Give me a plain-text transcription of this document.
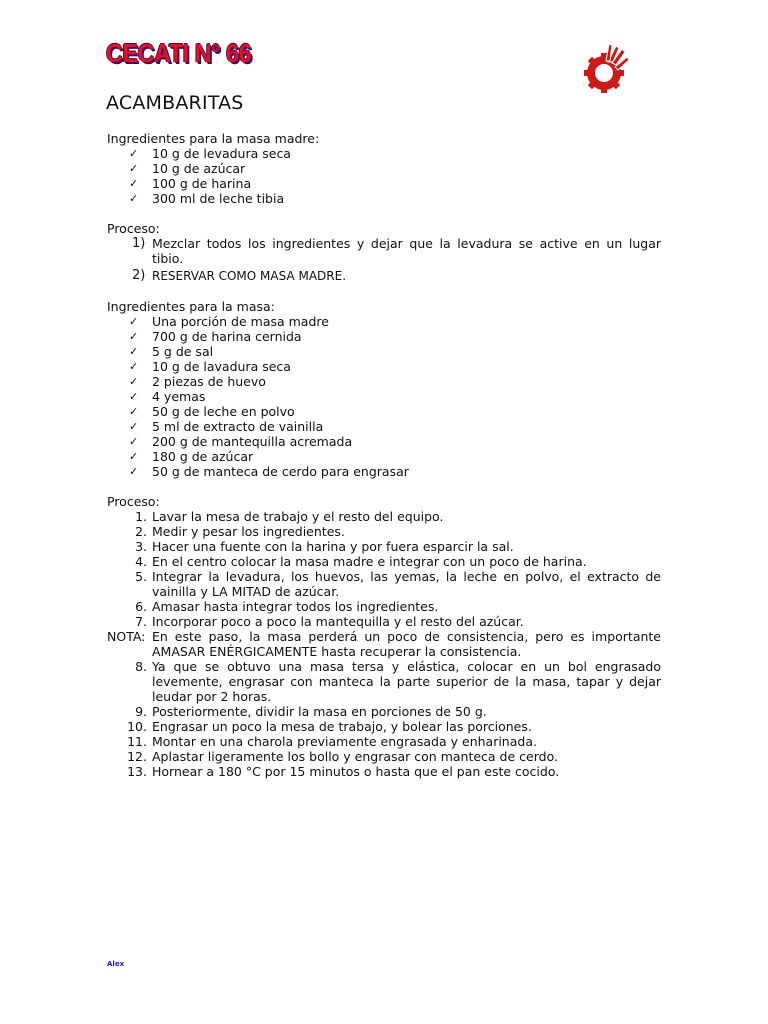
CECATI N° 66
ACAMBARITAS
Ingredientes para la masa madre:
✓ 10 g de levadura seca
✓ 10 g de azúcar
✓ 100 g de harina
✓ 300 ml de leche tibia
Proceso:
1) Mezclar todos los ingredientes y dejar que la levadura se active en un lugar tibio.
2) RESERVAR COMO MASA MADRE.
Ingredientes para la masa:
✓ Una porción de masa madre
✓ 700 g de harina cernida
✓ 5 g de sal
✓ 10 g de lavadura seca
✓ 2 piezas de huevo
✓ 4 yemas
✓ 50 g de leche en polvo
✓ 5 ml de extracto de vainilla
✓ 200 g de mantequilla acremada
✓ 180 g de azúcar
✓ 50 g de manteca de cerdo para engrasar
Proceso:
1. Lavar la mesa de trabajo y el resto del equipo.
2. Medir y pesar los ingredientes.
3. Hacer una fuente con la harina y por fuera esparcir la sal.
4. En el centro colocar la masa madre e integrar con un poco de harina.
5. Integrar la levadura, los huevos, las yemas, la leche en polvo, el extracto de vainilla y LA MITAD de azúcar.
6. Amasar hasta integrar todos los ingredientes.
7. Incorporar poco a poco la mantequilla y el resto del azúcar.
NOTA: En este paso, la masa perderá un poco de consistencia, pero es importante AMASAR ENÉRGICAMENTE hasta recuperar la consistencia.
8. Ya que se obtuvo una masa tersa y elástica, colocar en un bol engrasado levemente, engrasar con manteca la parte superior de la masa, tapar y dejar leudar por 2 horas.
9. Posteriormente, dividir la masa en porciones de 50 g.
10. Engrasar un poco la mesa de trabajo, y bolear las porciones.
11. Montar en una charola previamente engrasada y enharinada.
12. Aplastar ligeramente los bollo y engrasar con manteca de cerdo.
13. Hornear a 180 °C por 15 minutos o hasta que el pan este cocido.
Alex
